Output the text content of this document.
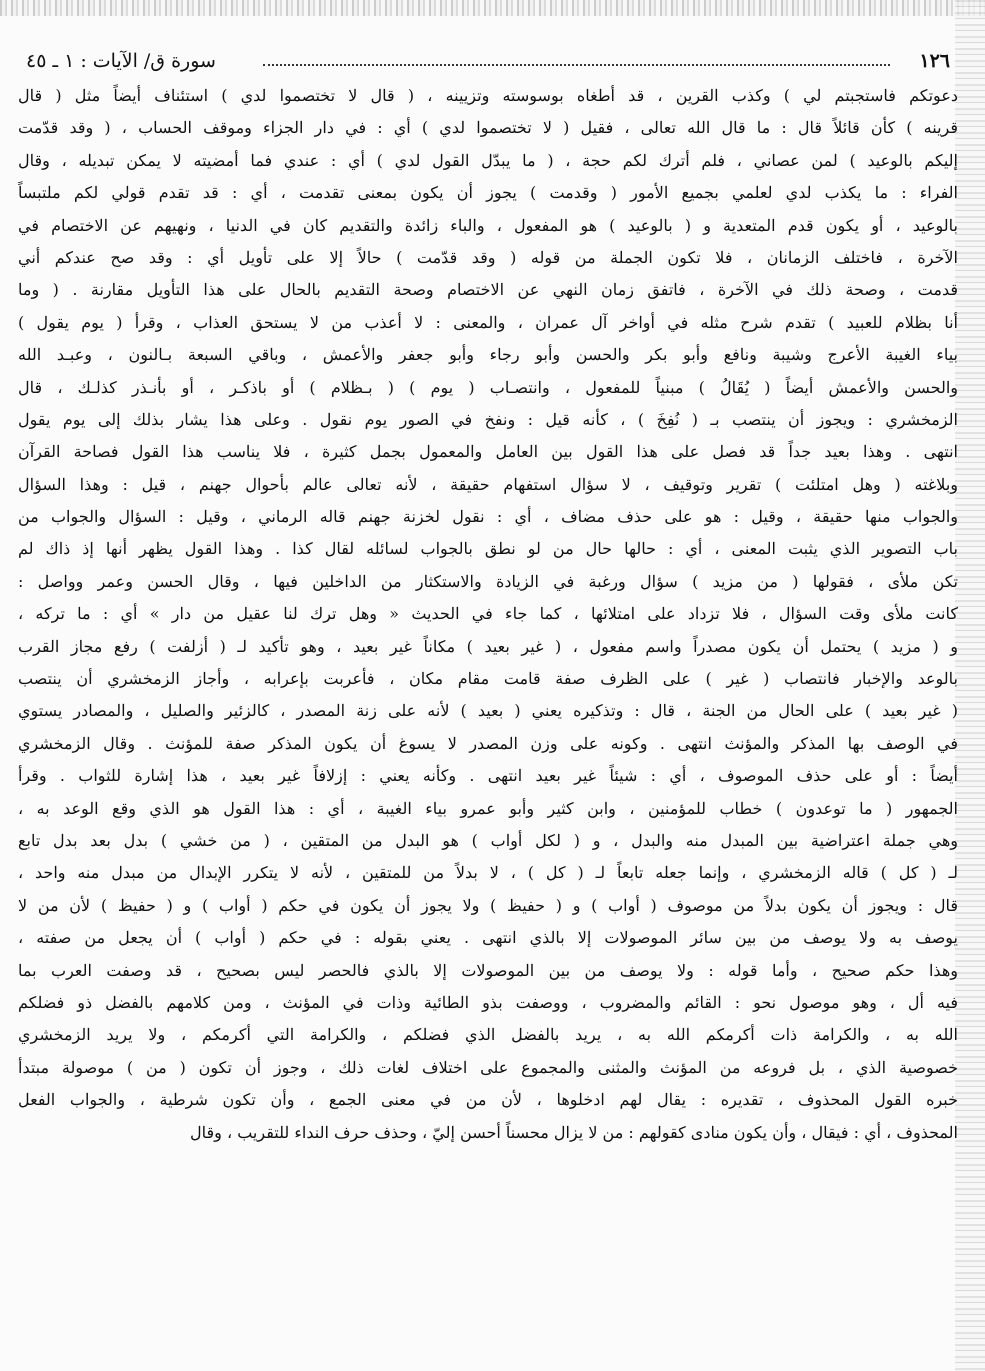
١٢٦
سورة ق/ الآيات : ١ ـ ٤٥
دعوتكم فاستجبتم لي ) وكذب القرين ، قد أطغاه بوسوسته وتزيينه ، ( قال لا تختصموا لدي ) استئناف أيضاً مثل ( قال
قرينه ) كأن قائلاً قال : ما قال الله تعالى ، فقيل ( لا تختصموا لدي ) أي : في دار الجزاء وموقف الحساب ، ( وقد قدّمت
إليكم بالوعيد ) لمن عصاني ، فلم أترك لكم حجة ، ( ما يبدّل القول لدي ) أي : عندي فما أمضيته لا يمكن تبديله ، وقال
الفراء : ما يكذب لدي لعلمي بجميع الأمور ( وقدمت ) يجوز أن يكون بمعنى تقدمت ، أي : قد تقدم قولي لكم ملتبساً
بالوعيد ، أو يكون قدم المتعدية و ( بالوعيد ) هو المفعول ، والباء زائدة والتقديم كان في الدنيا ، ونهيهم عن الاختصام في
الآخرة ، فاختلف الزمانان ، فلا تكون الجملة من قوله ( وقد قدّمت ) حالاً إلا على تأويل أي : وقد صح عندكم أني
قدمت ، وصحة ذلك في الآخرة ، فاتفق زمان النهي عن الاختصام وصحة التقديم بالحال على هذا التأويل مقارنة . ( وما
أنا بظلام للعبيد ) تقدم شرح مثله في أواخر آل عمران ، والمعنى : لا أعذب من لا يستحق العذاب ، وقرأ ( يوم يقول )
بياء الغيبة الأعرج وشيبة ونافع وأبو بكر والحسن وأبو رجاء وأبو جعفر والأعمش ، وباقي السبعة بـالنون ، وعبـد الله
والحسن والأعمش أيضاً ( يُقَالُ ) مبنياً للمفعول ، وانتصـاب ( يوم ) ( بـظلام ) أو باذكـر ، أو بأنـذر كذلـك ، قال
الزمخشري : ويجوز أن ينتصب بـ ( نُفِخَ ) ، كأنه قيل : ونفخ في الصور يوم نقول . وعلى هذا يشار بذلك إلى يوم يقول
انتهى . وهذا بعيد جداً قد فصل على هذا القول بين العامل والمعمول بجمل كثيرة ، فلا يناسب هذا القول فصاحة القرآن
وبلاغته ( وهل امتلئت ) تقرير وتوقيف ، لا سؤال استفهام حقيقة ، لأنه تعالى عالم بأحوال جهنم ، قيل : وهذا السؤال
والجواب منها حقيقة ، وقيل : هو على حذف مضاف ، أي : نقول لخزنة جهنم قاله الرماني ، وقيل : السؤال والجواب من
باب التصوير الذي يثبت المعنى ، أي : حالها حال من لو نطق بالجواب لسائله لقال كذا . وهذا القول يظهر أنها إذ ذاك لم
تكن ملأى ، فقولها ( من مزيد ) سؤال ورغبة في الزيادة والاستكثار من الداخلين فيها ، وقال الحسن وعمر وواصل :
كانت ملأى وقت السؤال ، فلا تزداد على امتلائها ، كما جاء في الحديث « وهل ترك لنا عقيل من دار » أي : ما تركه ،
و ( مزيد ) يحتمل أن يكون مصدراً واسم مفعول ، ( غير بعيد ) مكاناً غير بعيد ، وهو تأكيد لـ ( أزلفت ) رفع مجاز القرب
بالوعد والإخبار فانتصاب ( غير ) على الظرف صفة قامت مقام مكان ، فأعربت بإعرابه ، وأجاز الزمخشري أن ينتصب
( غير بعيد ) على الحال من الجنة ، قال : وتذكيره يعني ( بعيد ) لأنه على زنة المصدر ، كالزئير والصليل ، والمصادر يستوي
في الوصف بها المذكر والمؤنث انتهى . وكونه على وزن المصدر لا يسوغ أن يكون المذكر صفة للمؤنث . وقال الزمخشري
أيضاً : أو على حذف الموصوف ، أي : شيئاً غير بعيد انتهى . وكأنه يعني : إزلافاً غير بعيد ، هذا إشارة للثواب . وقرأ
الجمهور ( ما توعدون ) خطاب للمؤمنين ، وابن كثير وأبو عمرو بياء الغيبة ، أي : هذا القول هو الذي وقع الوعد به ،
وهي جملة اعتراضية بين المبدل منه والبدل ، و ( لكل أواب ) هو البدل من المتقين ، ( من خشي ) بدل بعد بدل تابع
لـ ( كل ) قاله الزمخشري ، وإنما جعله تابعاً لـ ( كل ) ، لا بدلاً من للمتقين ، لأنه لا يتكرر الإبدال من مبدل منه واحد ،
قال : ويجوز أن يكون بدلاً من موصوف ( أواب ) و ( حفيظ ) ولا يجوز أن يكون في حكم ( أواب ) و ( حفيظ ) لأن من لا
يوصف به ولا يوصف من بين سائر الموصولات إلا بالذي انتهى . يعني بقوله : في حكم ( أواب ) أن يجعل من صفته ،
وهذا حكم صحيح ، وأما قوله : ولا يوصف من بين الموصولات إلا بالذي فالحصر ليس بصحيح ، قد وصفت العرب بما
فيه أل ، وهو موصول نحو : القائم والمضروب ، ووصفت بذو الطائية وذات في المؤنث ، ومن كلامهم بالفضل ذو فضلكم
الله به ، والكرامة ذات أكرمكم الله به ، يريد بالفضل الذي فضلكم ، والكرامة التي أكرمكم ، ولا يريد الزمخشري
خصوصية الذي ، بل فروعه من المؤنث والمثنى والمجموع على اختلاف لغات ذلك ، وجوز أن تكون ( من ) موصولة مبتدأ
خبره القول المحذوف ، تقديره : يقال لهم ادخلوها ، لأن من في معنى الجمع ، وأن تكون شرطية ، والجواب الفعل
المحذوف ، أي : فيقال ، وأن يكون منادى كقولهم : من لا يزال محسناً أحسن إليّ ، وحذف حرف النداء للتقريب ، وقال
